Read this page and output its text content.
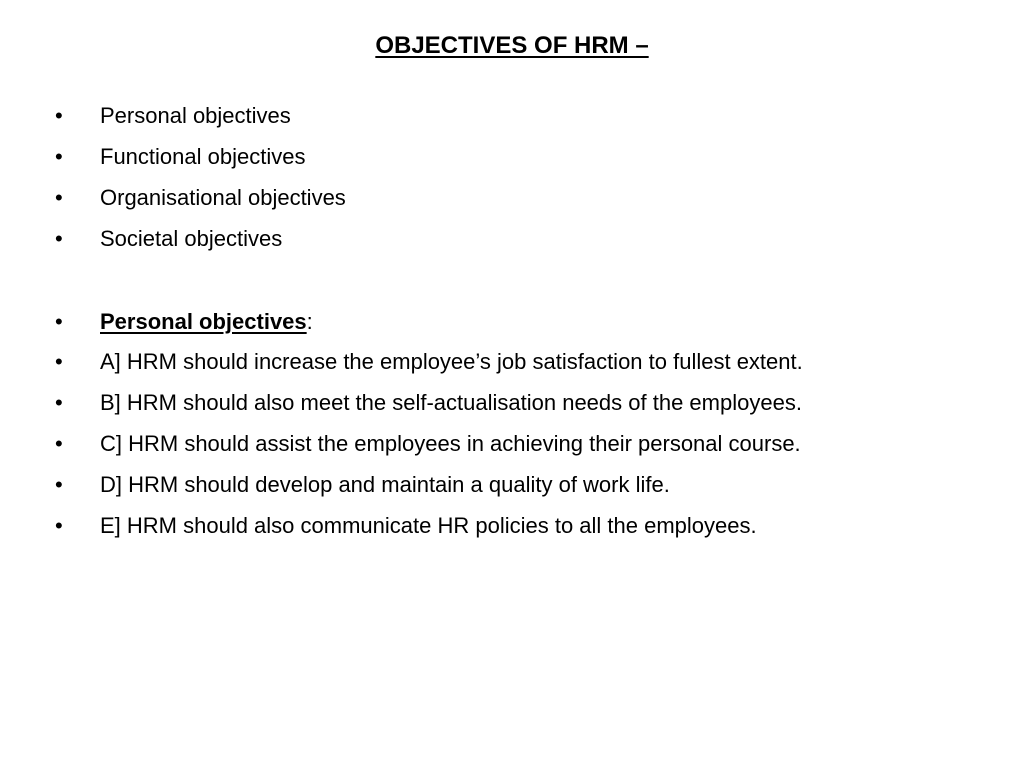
OBJECTIVES OF HRM –
•	Personal objectives
•	Functional objectives
•	Organisational objectives
•	Societal objectives
•	Personal objectives:
•	A] HRM should increase the employee’s job satisfaction to fullest extent.
•	B] HRM should also meet the self-actualisation needs of the employees.
•	C] HRM should assist the employees in achieving their personal course.
•	D] HRM should develop and maintain a quality of work life.
•	E] HRM should also communicate HR policies to all the employees.
